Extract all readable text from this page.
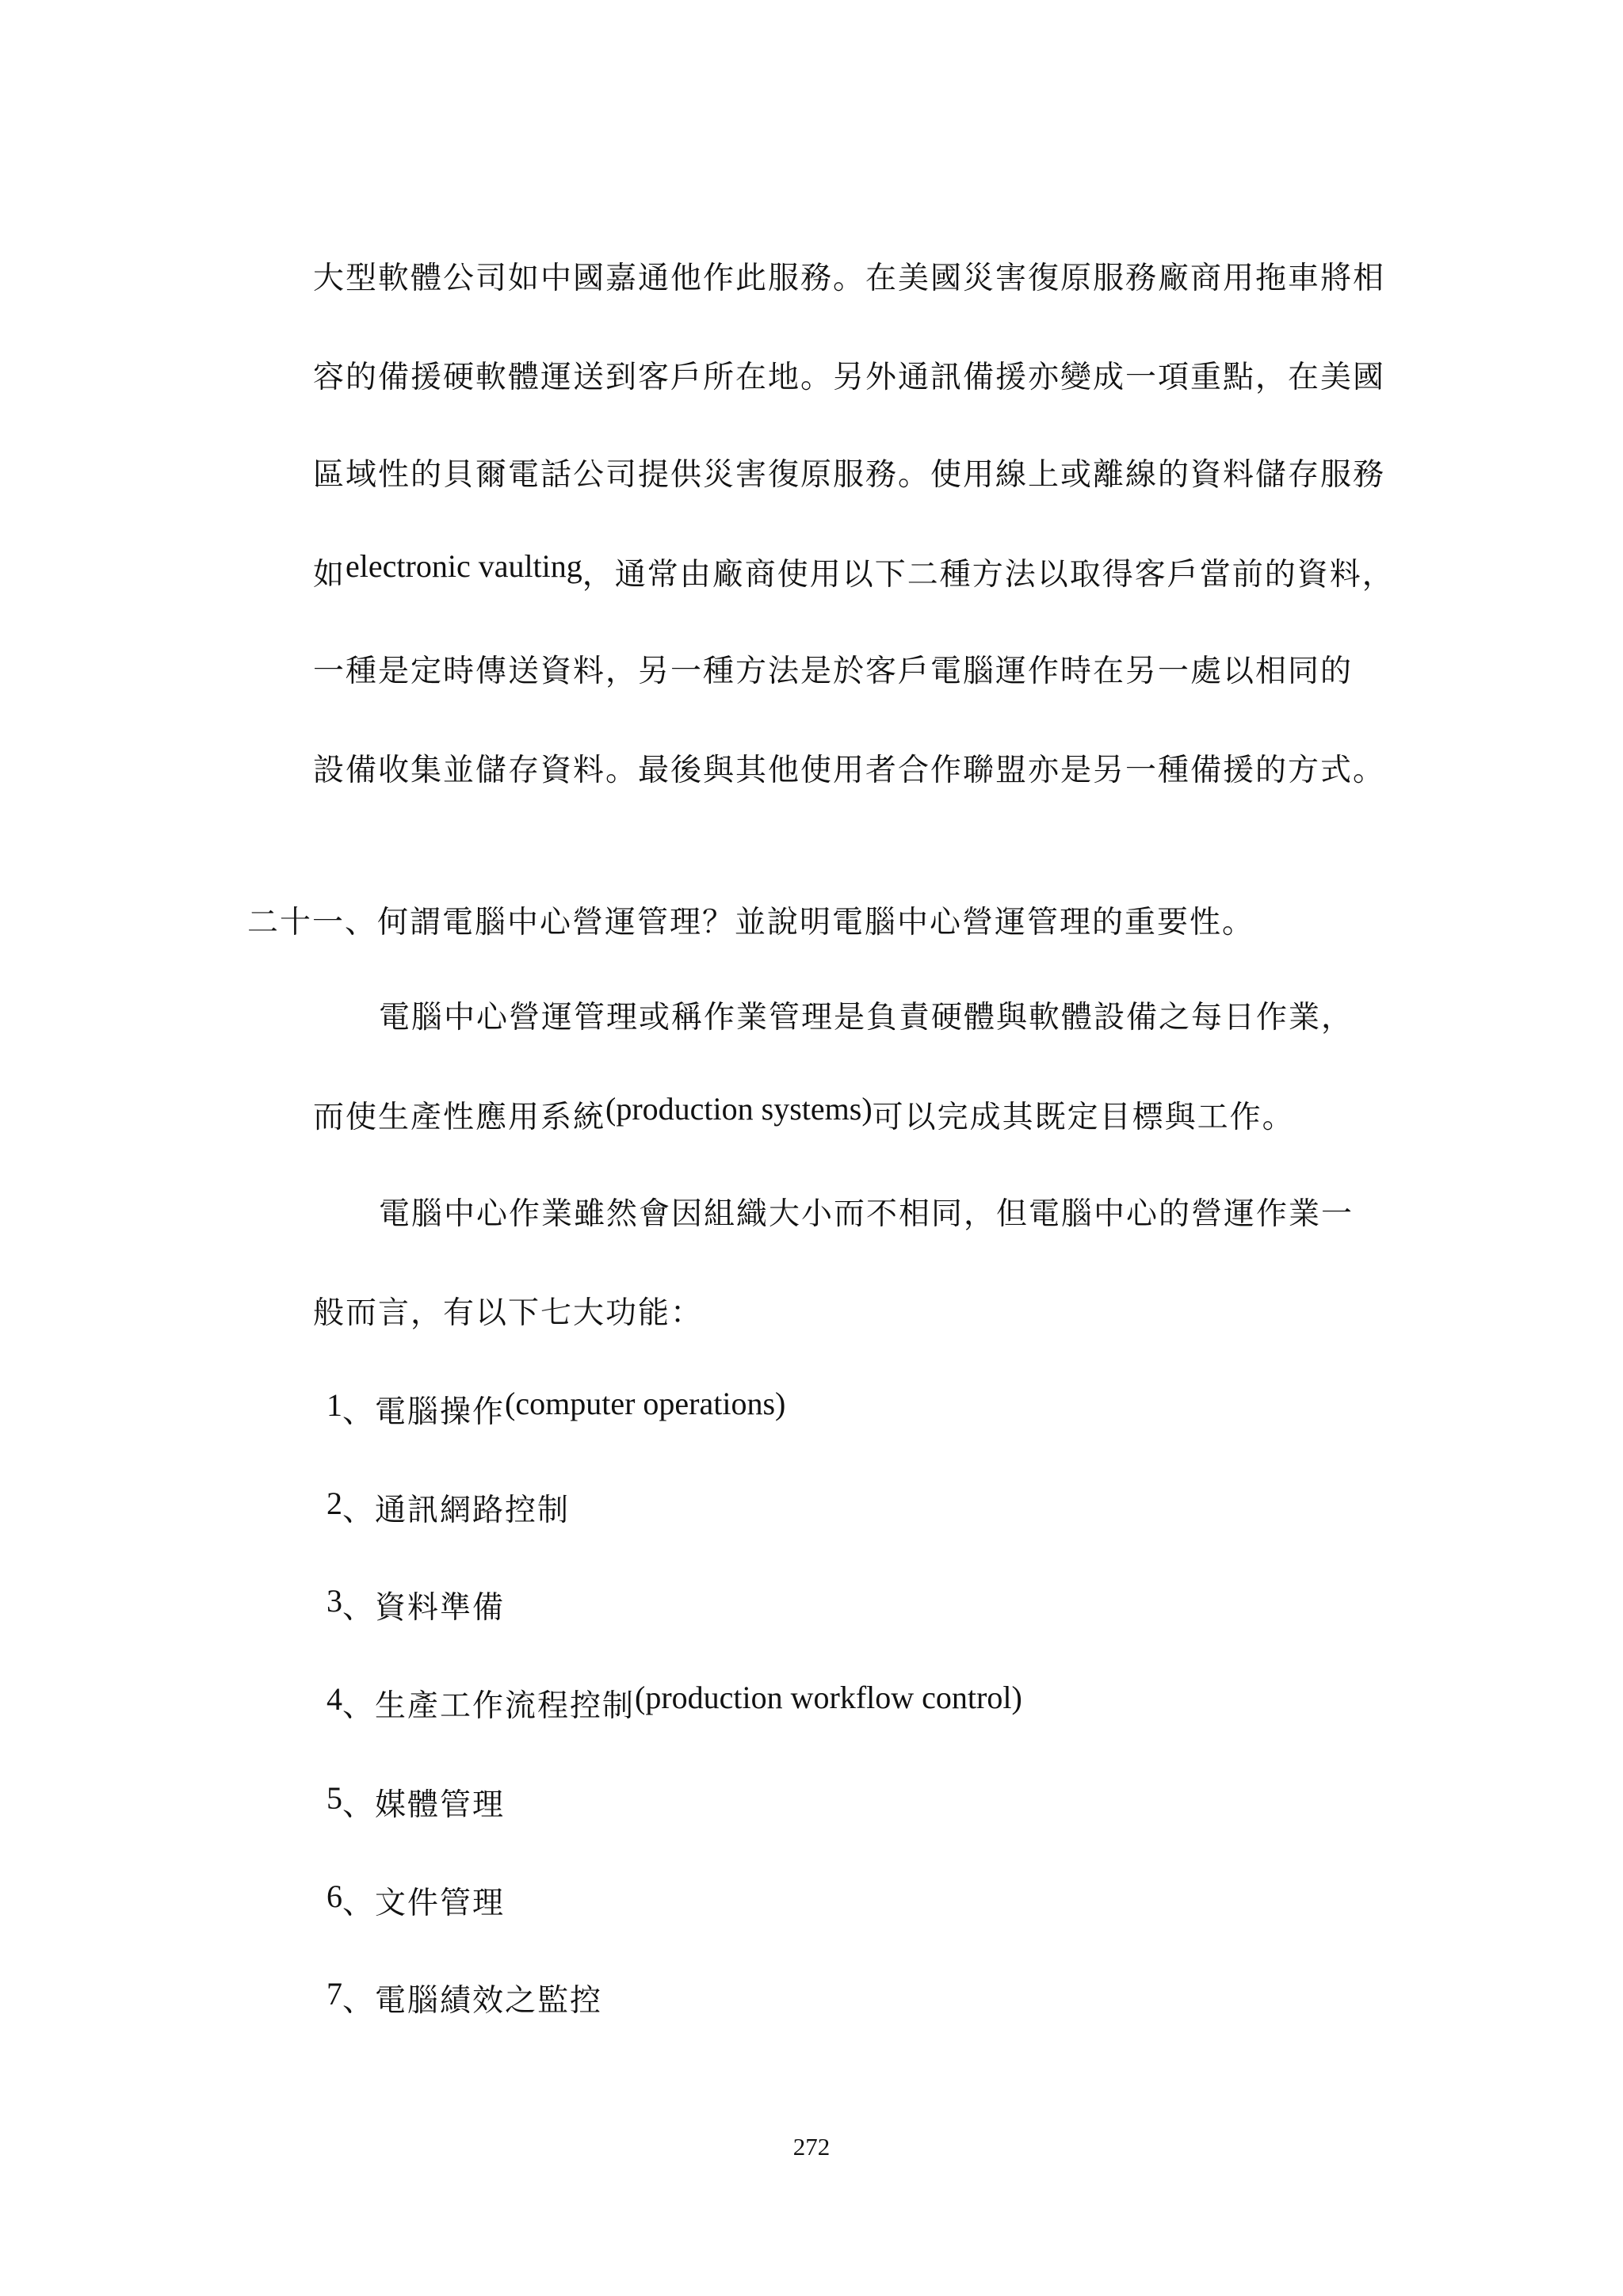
大型軟體公司如中國嘉通他作此服務。在美國災害復原服務廠商用拖車將相
容的備援硬軟體運送到客戶所在地。另外通訊備援亦變成一項重點，在美國
區域性的貝爾電話公司提供災害復原服務。使用線上或離線的資料儲存服務
如electronic vaulting，通常由廠商使用以下二種方法以取得客戶當前的資料，
一種是定時傳送資料，另一種方法是於客戶電腦運作時在另一處以相同的
設備收集並儲存資料。最後與其他使用者合作聯盟亦是另一種備援的方式。
二十一、何謂電腦中心營運管理？並說明電腦中心營運管理的重要性。
電腦中心營運管理或稱作業管理是負責硬體與軟體設備之每日作業，
而使生產性應用系統(production systems)可以完成其既定目標與工作。
電腦中心作業雖然會因組織大小而不相同，但電腦中心的營運作業一
般而言，有以下七大功能：
1、電腦操作(computer operations)
2、通訊網路控制
3、資料準備
4、生產工作流程控制(production workflow control)
5、媒體管理
6、文件管理
7、電腦績效之監控
272
